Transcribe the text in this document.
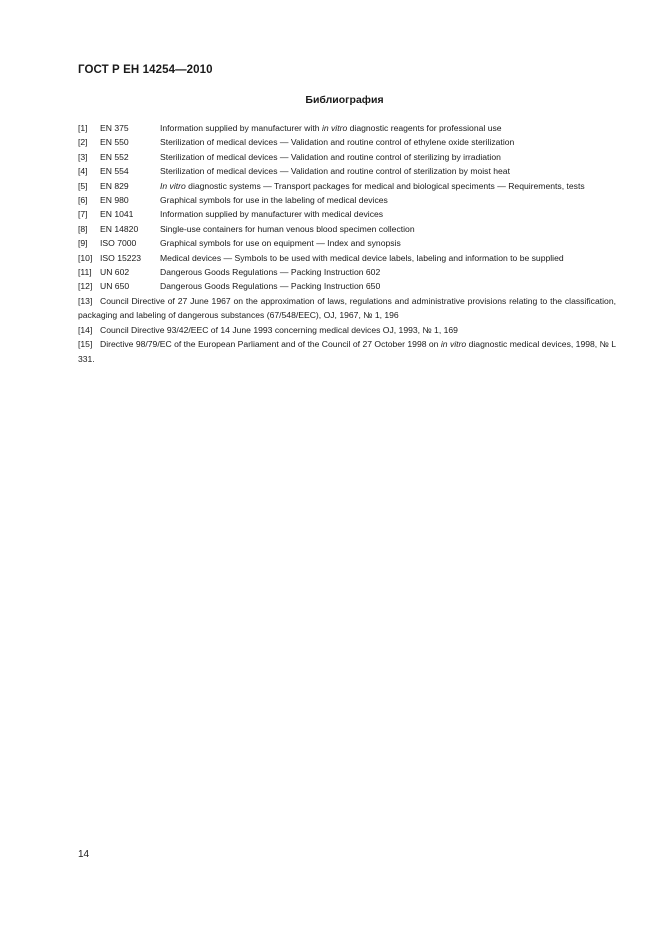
ГОСТ Р ЕН 14254—2010
Библиография
[1] EN 375	Information supplied by manufacturer with in vitro diagnostic reagents for professional use
[2] EN 550	Sterilization of medical devices — Validation and routine control of ethylene oxide sterilization
[3] EN 552	Sterilization of medical devices — Validation and routine control of sterilizing by irradiation
[4] EN 554	Sterilization of medical devices — Validation and routine control of sterilization by moist heat
[5] EN 829	In vitro diagnostic systems — Transport packages for medical and biological speciments — Requirements, tests
[6] EN 980	Graphical symbols for use in the labeling of medical devices
[7] EN 1041	Information supplied by manufacturer with medical devices
[8] EN 14820	Single-use containers for human venous blood specimen collection
[9] ISO 7000	Graphical symbols for use on equipment — Index and synopsis
[10] ISO 15223 Medical devices — Symbols to be used with medical device labels, labeling and information to be supplied
[11] UN 602	Dangerous Goods Regulations — Packing Instruction 602
[12] UN 650	Dangerous Goods Regulations — Packing Instruction 650
[13] Council Directive of 27 June 1967 on the approximation of laws, regulations and administrative provisions relating to the classification, packaging and labeling of dangerous substances (67/548/EEC), OJ, 1967, № 1, 196
[14] Council Directive 93/42/EEC of 14 June 1993 concerning medical devices OJ, 1993, № 1, 169
[15] Directive 98/79/EC of the European Parliament and of the Council of 27 October 1998 on in vitro diagnostic medical devices, 1998, № L 331.
14
